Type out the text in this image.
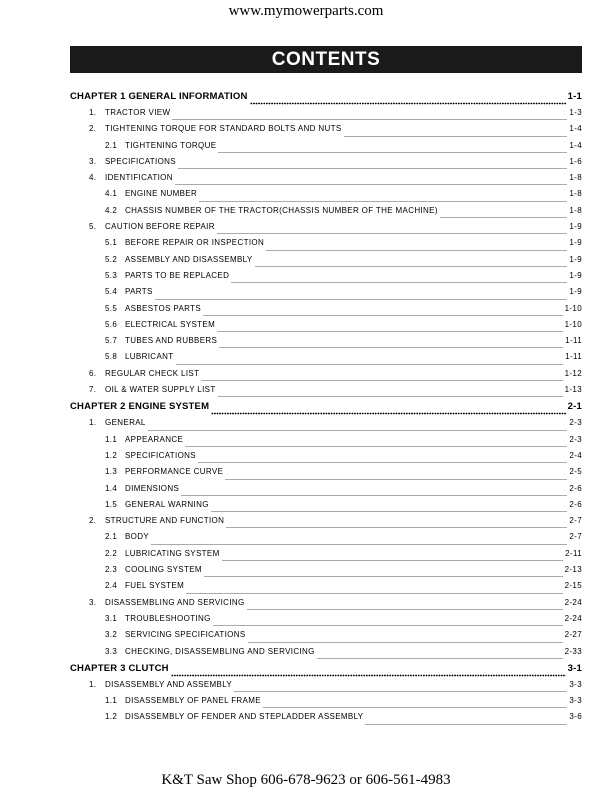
www.mymowerparts.com
CONTENTS
CHAPTER 1 GENERAL INFORMATION	1-1
1.	TRACTOR VIEW	1-3
2.	TIGHTENING TORQUE FOR STANDARD BOLTS AND NUTS	1-4
2.1 TIGHTENING TORQUE	1-4
3.	SPECIFICATIONS	1-6
4.	IDENTIFICATION	1-8
4.1 ENGINE NUMBER	1-8
4.2 CHASSIS NUMBER OF THE TRACTOR(CHASSIS NUMBER OF THE MACHINE)	1-8
5.	CAUTION BEFORE REPAIR	1-9
5.1 BEFORE REPAIR OR INSPECTION	1-9
5.2 ASSEMBLY AND DISASSEMBLY	1-9
5.3 PARTS TO BE REPLACED	1-9
5.4 PARTS	1-9
5.5 ASBESTOS PARTS	1-10
5.6 ELECTRICAL SYSTEM	1-10
5.7 TUBES AND RUBBERS	1-11
5.8 LUBRICANT	1-11
6.	REGULAR CHECK LIST	1-12
7.	OIL & WATER SUPPLY LIST	1-13
CHAPTER 2 ENGINE SYSTEM	2-1
1.	GENERAL	2-3
1.1 APPEARANCE	2-3
1.2 SPECIFICATIONS	2-4
1.3 PERFORMANCE CURVE	2-5
1.4 DIMENSIONS	2-6
1.5 GENERAL WARNING	2-6
2.	STRUCTURE AND FUNCTION	2-7
2.1 BODY	2-7
2.2 LUBRICATING SYSTEM	2-11
2.3 COOLING SYSTEM	2-13
2.4 FUEL SYSTEM	2-15
3.	DISASSEMBLING AND SERVICING	2-24
3.1 TROUBLESHOOTING	2-24
3.2 SERVICING SPECIFICATIONS	2-27
3.3 CHECKING, DISASSEMBLING AND SERVICING	2-33
CHAPTER 3 CLUTCH	3-1
1.	DISASSEMBLY AND ASSEMBLY	3-3
1.1 DISASSEMBLY OF PANEL FRAME	3-3
1.2 DISASSEMBLY OF FENDER AND STEPLADDER ASSEMBLY	3-6
K&T Saw Shop 606-678-9623 or 606-561-4983
